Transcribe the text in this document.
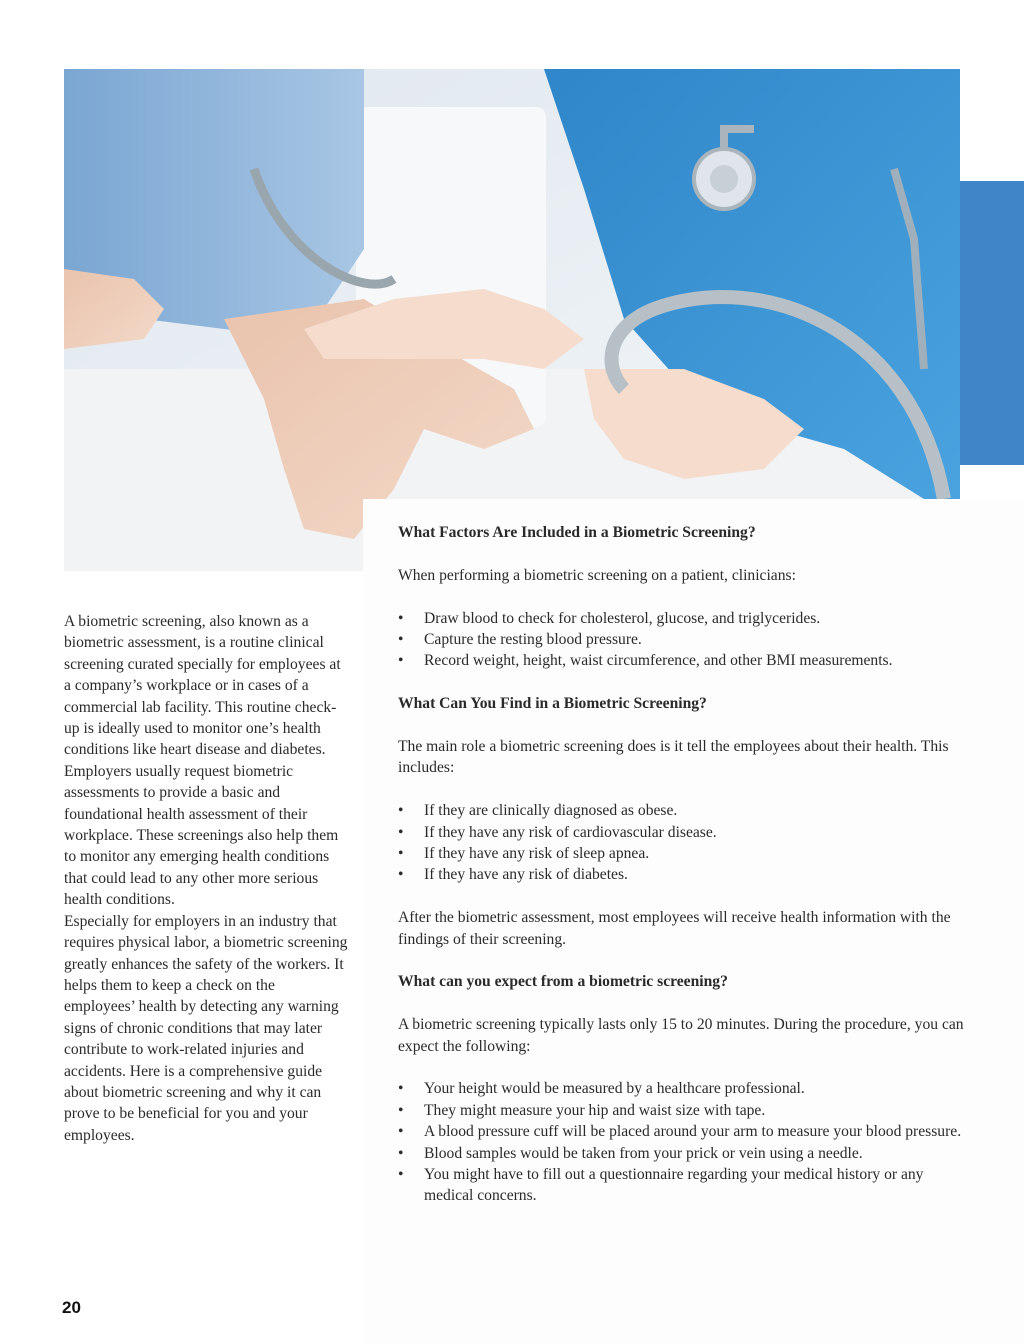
A biometric screening, also known as a biometric assessment, is a routine clinical screening curated specially for employees at a company’s workplace or in cases of a commercial lab facility. This routine check-up is ideally used to monitor one’s health conditions like heart disease and diabetes.

Employers usually request biometric assessments to provide a basic and foundational health assessment of their workplace. These screenings also help them to monitor any emerging health conditions that could lead to any other more serious health conditions.

Especially for employers in an industry that requires physical labor, a biometric screening greatly enhances the safety of the workers. It helps them to keep a check on the employees’ health by detecting any warning signs of chronic conditions that may later contribute to work-related injuries and accidents. Here is a comprehensive guide about biometric screening and why it can prove to be beneficial for you and your employees.

What Factors Are Included in a Biometric Screening?

When performing a biometric screening on a patient, clinicians:

• Draw blood to check for cholesterol, glucose, and triglycerides.
• Capture the resting blood pressure.
• Record weight, height, waist circumference, and other BMI measurements.
What Can You Find in a Biometric Screening?

The main role a biometric screening does is it tell the employees about their health. This includes:

• If they are clinically diagnosed as obese.
• If they have any risk of cardiovascular disease.
• If they have any risk of sleep apnea.
• If they have any risk of diabetes.

After the biometric assessment, most employees will receive health information with the findings of their screening.

What can you expect from a biometric screening?

A biometric screening typically lasts only 15 to 20 minutes. During the procedure, you can expect the following:

• Your height would be measured by a healthcare professional.
• They might measure your hip and waist size with tape.
• A blood pressure cuff will be placed around your arm to measure your blood pressure.
• Blood samples would be taken from your prick or vein using a needle.
• You might have to fill out a questionnaire regarding your medical history or any medical concerns.
20
